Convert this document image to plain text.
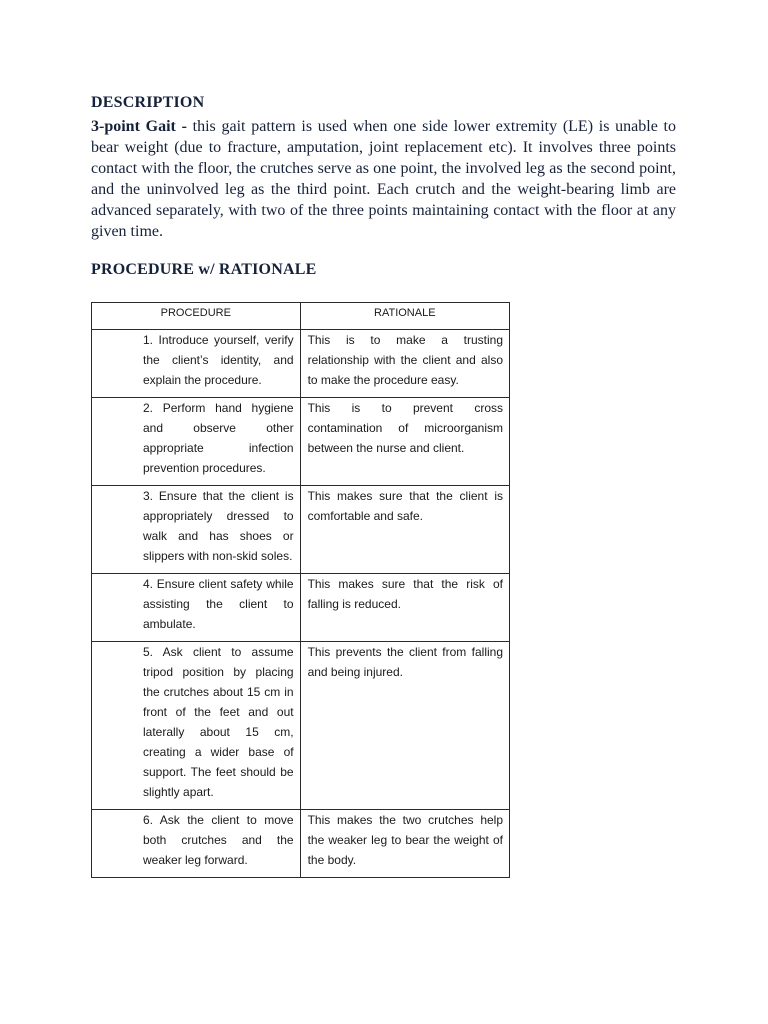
DESCRIPTION
3-point Gait - this gait pattern is used when one side lower extremity (LE) is unable to bear weight (due to fracture, amputation, joint replacement etc). It involves three points contact with the floor, the crutches serve as one point, the involved leg as the second point, and the uninvolved leg as the third point. Each crutch and the weight-bearing limb are advanced separately, with two of the three points maintaining contact with the floor at any given time.
PROCEDURE w/ RATIONALE
PROCEDURE	RATIONALE

1. Introduce yourself, verify the client’s identity, and explain the procedure.	This is to make a trusting relationship with the client and also to make the procedure easy.

2. Perform hand hygiene and observe other appropriate infection prevention procedures.	This is to prevent cross contamination of microorganism between the nurse and client.

3. Ensure that the client is appropriately dressed to walk and has shoes or slippers with non-skid soles.	This makes sure that the client is comfortable and safe.

4. Ensure client safety while assisting the client to ambulate.	This makes sure that the risk of falling is reduced.

5. Ask client to assume tripod position by placing the crutches about 15 cm in front of the feet and out laterally about 15 cm, creating a wider base of support. The feet should be slightly apart.	This prevents the client from falling and being injured.

6. Ask the client to move both crutches and the weaker leg forward.	This makes the two crutches help the weaker leg to bear the weight of the body.
